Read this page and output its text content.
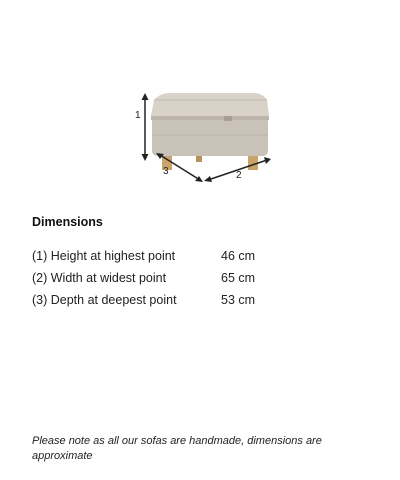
1
2
3
Dimensions
(1) Height at highest point	46 cm
(2) Width at widest point	65 cm
(3) Depth at deepest point	53 cm
Please note as all our sofas are handmade, dimensions are approximate
